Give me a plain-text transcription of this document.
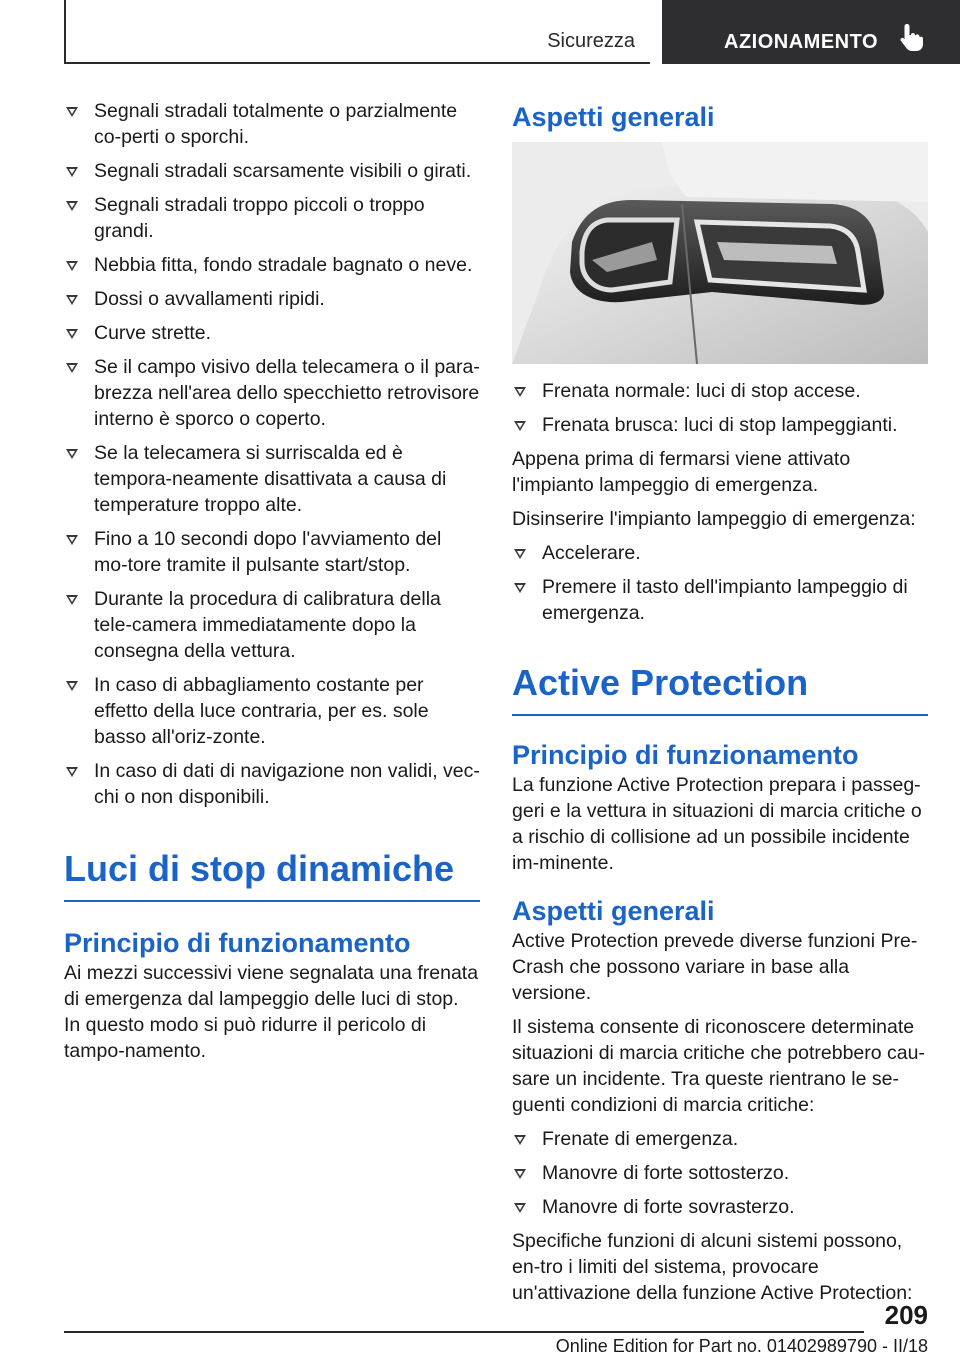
Sicurezza	AZIONAMENTO
Segnali stradali totalmente o parzialmente co-perti o sporchi.
Segnali stradali scarsamente visibili o girati.
Segnali stradali troppo piccoli o troppo grandi.
Nebbia fitta, fondo stradale bagnato o neve.
Dossi o avvallamenti ripidi.
Curve strette.
Se il campo visivo della telecamera o il para-brezza nell'area dello specchietto retrovisore interno è sporco o coperto.
Se la telecamera si surriscalda ed è tempora-neamente disattivata a causa di temperature troppo alte.
Fino a 10 secondi dopo l'avviamento del mo-tore tramite il pulsante start/stop.
Durante la procedura di calibratura della tele-camera immediatamente dopo la consegna della vettura.
In caso di abbagliamento costante per effetto della luce contraria, per es. sole basso all'oriz-zonte.
In caso di dati di navigazione non validi, vec-chi o non disponibili.
Luci di stop dinamiche
Principio di funzionamento

Ai mezzi successivi viene segnalata una frenata di emergenza dal lampeggio delle luci di stop. In questo modo si può ridurre il pericolo di tampo-namento.

Aspetti generali
Frenata normale: luci di stop accese.
Frenata brusca: luci di stop lampeggianti.

Appena prima di fermarsi viene attivato l'impianto lampeggio di emergenza.

Disinserire l'impianto lampeggio di emergenza:

Accelerare.
Premere il tasto dell'impianto lampeggio di emergenza.
Active Protection
Principio di funzionamento

La funzione Active Protection prepara i passeg-geri e la vettura in situazioni di marcia critiche o a rischio di collisione ad un possibile incidente im-minente.

Aspetti generali

Active Protection prevede diverse funzioni Pre-Crash che possono variare in base alla versione.

Il sistema consente di riconoscere determinate situazioni di marcia critiche che potrebbero cau-sare un incidente. Tra queste rientrano le se-guenti condizioni di marcia critiche:

Frenate di emergenza.
Manovre di forte sottosterzo.
Manovre di forte sovrasterzo.

Specifiche funzioni di alcuni sistemi possono, en-tro i limiti del sistema, provocare un'attivazione della funzione Active Protection:

209
Online Edition for Part no. 01402989790 - II/18
